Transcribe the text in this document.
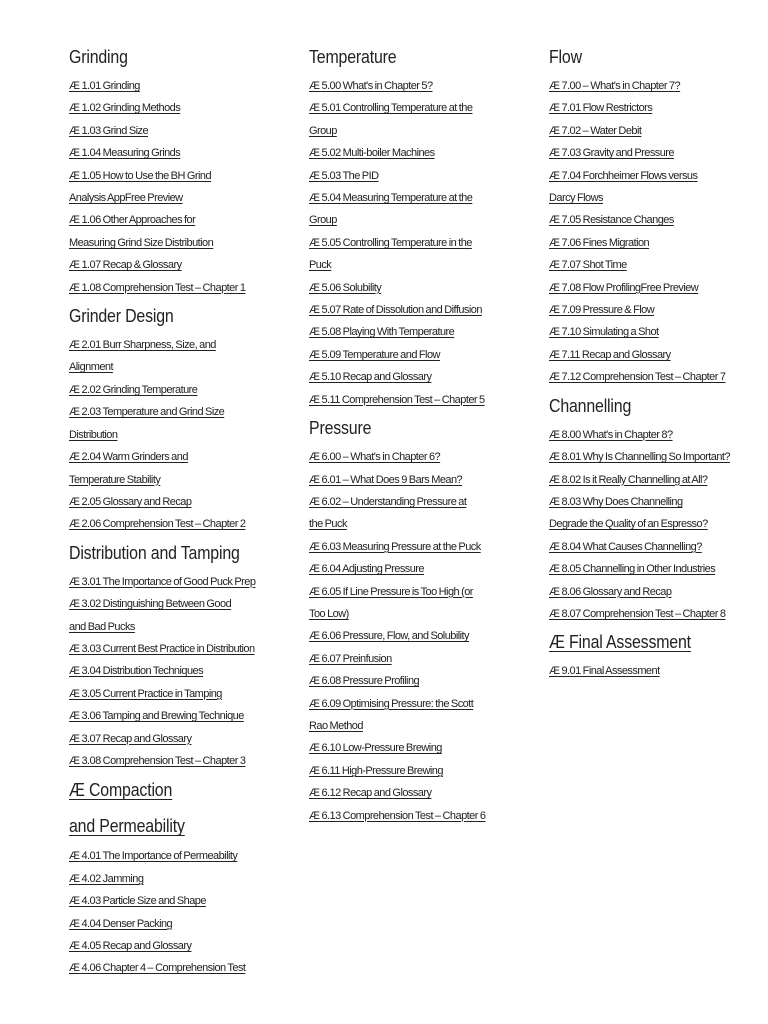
Grinding
Æ 1.01 Grinding
Æ 1.02 Grinding Methods
Æ 1.03 Grind Size
Æ 1.04 Measuring Grinds
Æ 1.05 How to Use the BH Grind Analysis AppFree Preview
Æ 1.06 Other Approaches for Measuring Grind Size Distribution
Æ 1.07 Recap & Glossary
Æ 1.08 Comprehension Test – Chapter 1
Grinder Design
Æ 2.01 Burr Sharpness, Size, and Alignment
Æ 2.02 Grinding Temperature
Æ 2.03 Temperature and Grind Size Distribution
Æ 2.04 Warm Grinders and Temperature Stability
Æ 2.05 Glossary and Recap
Æ 2.06 Comprehension Test – Chapter 2
Distribution and Tamping
Æ 3.01 The Importance of Good Puck Prep
Æ 3.02 Distinguishing Between Good and Bad Pucks
Æ 3.03 Current Best Practice in Distribution
Æ 3.04 Distribution Techniques
Æ 3.05 Current Practice in Tamping
Æ 3.06 Tamping and Brewing Technique
Æ 3.07 Recap and Glossary
Æ 3.08 Comprehension Test – Chapter 3
Æ Compaction and Permeability
Æ 4.01 The Importance of Permeability
Æ 4.02 Jamming
Æ 4.03 Particle Size and Shape
Æ 4.04 Denser Packing
Æ 4.05 Recap and Glossary
Æ 4.06 Chapter 4 – Comprehension Test
Temperature
Æ 5.00 What's in Chapter 5?
Æ 5.01 Controlling Temperature at the Group
Æ 5.02 Multi-boiler Machines
Æ 5.03 The PID
Æ 5.04 Measuring Temperature at the Group
Æ 5.05 Controlling Temperature in the Puck
Æ 5.06 Solubility
Æ 5.07 Rate of Dissolution and Diffusion
Æ 5.08 Playing With Temperature
Æ 5.09 Temperature and Flow
Æ 5.10 Recap and Glossary
Æ 5.11 Comprehension Test – Chapter 5
Pressure
Æ 6.00 – What's in Chapter 6?
Æ 6.01 – What Does 9 Bars Mean?
Æ 6.02 – Understanding Pressure at the Puck
Æ 6.03 Measuring Pressure at the Puck
Æ 6.04 Adjusting Pressure
Æ 6.05 If Line Pressure is Too High (or Too Low)
Æ 6.06 Pressure, Flow, and Solubility
Æ 6.07 Preinfusion
Æ 6.08 Pressure Profiling
Æ 6.09 Optimising Pressure: the Scott Rao Method
Æ 6.10 Low-Pressure Brewing
Æ 6.11 High-Pressure Brewing
Æ 6.12 Recap and Glossary
Æ 6.13 Comprehension Test – Chapter 6
Flow
Æ 7.00 – What's in Chapter 7?
Æ 7.01 Flow Restrictors
Æ 7.02 – Water Debit
Æ 7.03 Gravity and Pressure
Æ 7.04 Forchheimer Flows versus Darcy Flows
Æ 7.05 Resistance Changes
Æ 7.06 Fines Migration
Æ 7.07 Shot Time
Æ 7.08 Flow ProfilingFree Preview
Æ 7.09 Pressure & Flow
Æ 7.10 Simulating a Shot
Æ 7.11 Recap and Glossary
Æ 7.12 Comprehension Test – Chapter 7
Channelling
Æ 8.00 What's in Chapter 8?
Æ 8.01 Why Is Channelling So Important?
Æ 8.02 Is it Really Channelling at All?
Æ 8.03 Why Does Channelling Degrade the Quality of an Espresso?
Æ 8.04 What Causes Channelling?
Æ 8.05 Channelling in Other Industries
Æ 8.06 Glossary and Recap
Æ 8.07 Comprehension Test – Chapter 8
Æ Final Assessment
Æ 9.01 Final Assessment
